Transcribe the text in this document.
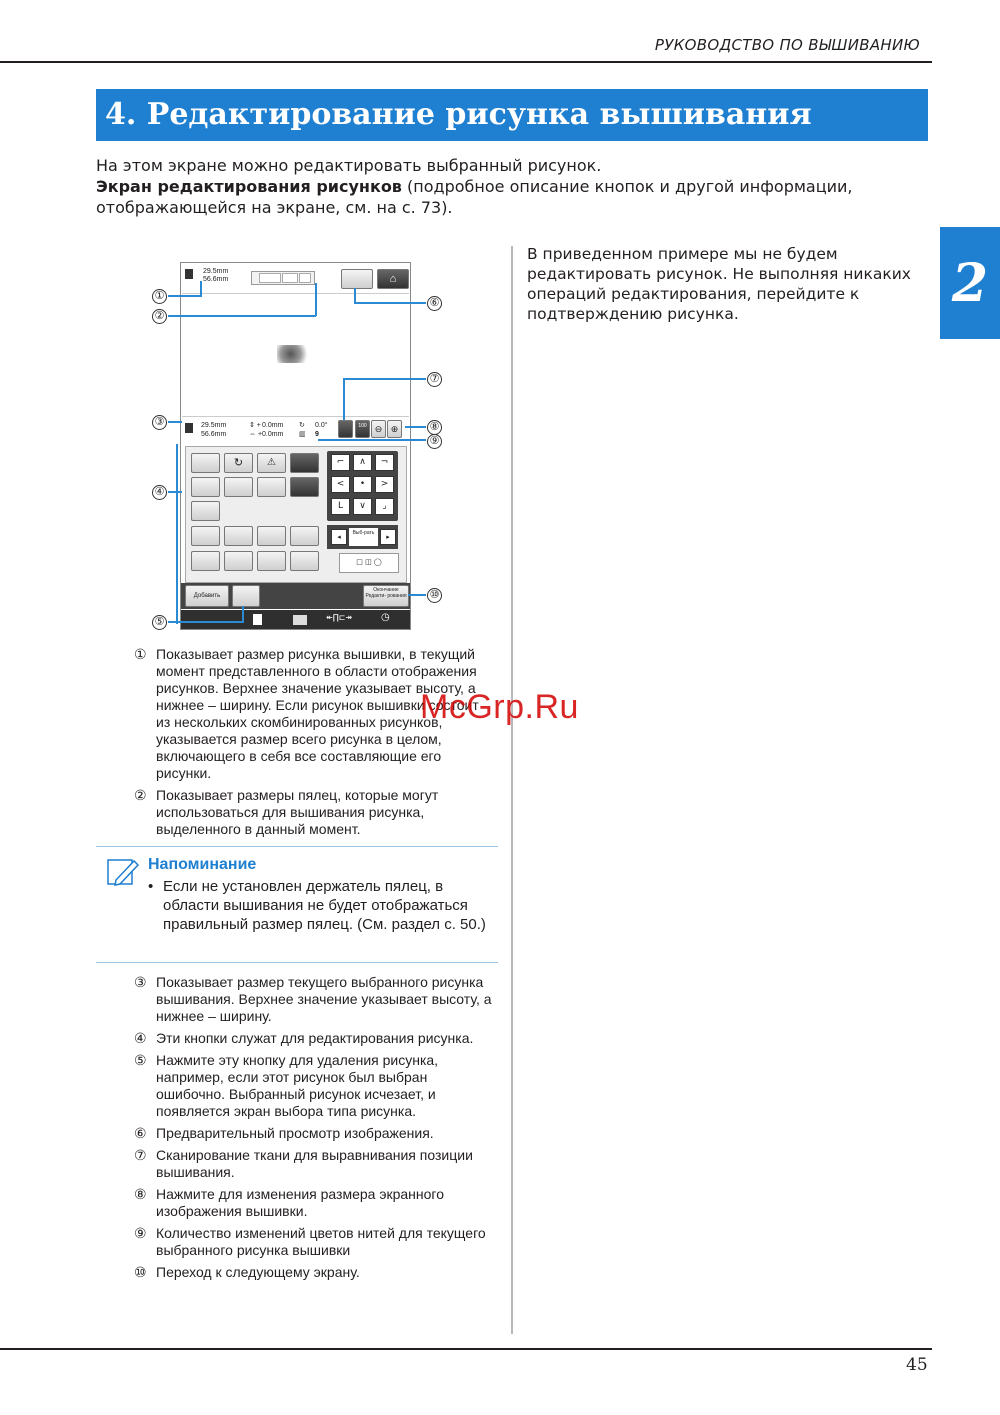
РУКОВОДСТВО ПО ВЫШИВАНИЮ
2
4. Редактирование рисунка вышивания
На этом экране можно редактировать выбранный рисунок.
Экран редактирования рисунков (подробное описание кнопок и другой информации, отображающейся на экране, см. на с. 73).
В приведенном примере мы не будем редактировать рисунок. Не выполняя никаких операций редактирования, перейдите к подтверждению рисунка.
29.5mm
56.6mm	⌂
29.5mm
56.6mm
⇕ +
⇔ +
0.0mm
0.0mm
↻
▥
0.0°
9
100 ⊖ ⊕
↻	⚠	⌐	∧	¬
<	•	>
L	∨	⌟
◂	Выб-рать	▸
□ ◫ ◯
Добавить
Окончание Редакти- рования
↞∏⊏↠	◷
①
②
③
④
⑤
⑥
⑦
⑧
⑨
⑩
① Показывает размер рисунка вышивки, в текущий момент представленного в области отображения рисунков. Верхнее значение указывает высоту, а нижнее – ширину. Если рисунок вышивки состоит из нескольких скомбинированных рисунков, указывается размер всего рисунка в целом, включающего в себя все составляющие его рисунки.
② Показывает размеры пялец, которые могут использоваться для вышивания рисунка, выделенного в данный момент.
Напоминание
• Если не установлен держатель пялец, в области вышивания не будет отображаться правильный размер пялец. (См. раздел с. 50.)
③ Показывает размер текущего выбранного рисунка вышивания. Верхнее значение указывает высоту, а нижнее – ширину.
④ Эти кнопки служат для редактирования рисунка.
⑤ Нажмите эту кнопку для удаления рисунка, например, если этот рисунок был выбран ошибочно. Выбранный рисунок исчезает, и появляется экран выбора типа рисунка.
⑥ Предварительный просмотр изображения.
⑦ Сканирование ткани для выравнивания позиции вышивания.
⑧ Нажмите для изменения размера экранного изображения вышивки.
⑨ Количество изменений цветов нитей для текущего выбранного рисунка вышивки
⑩ Переход к следующему экрану.
McGrp.Ru
45
